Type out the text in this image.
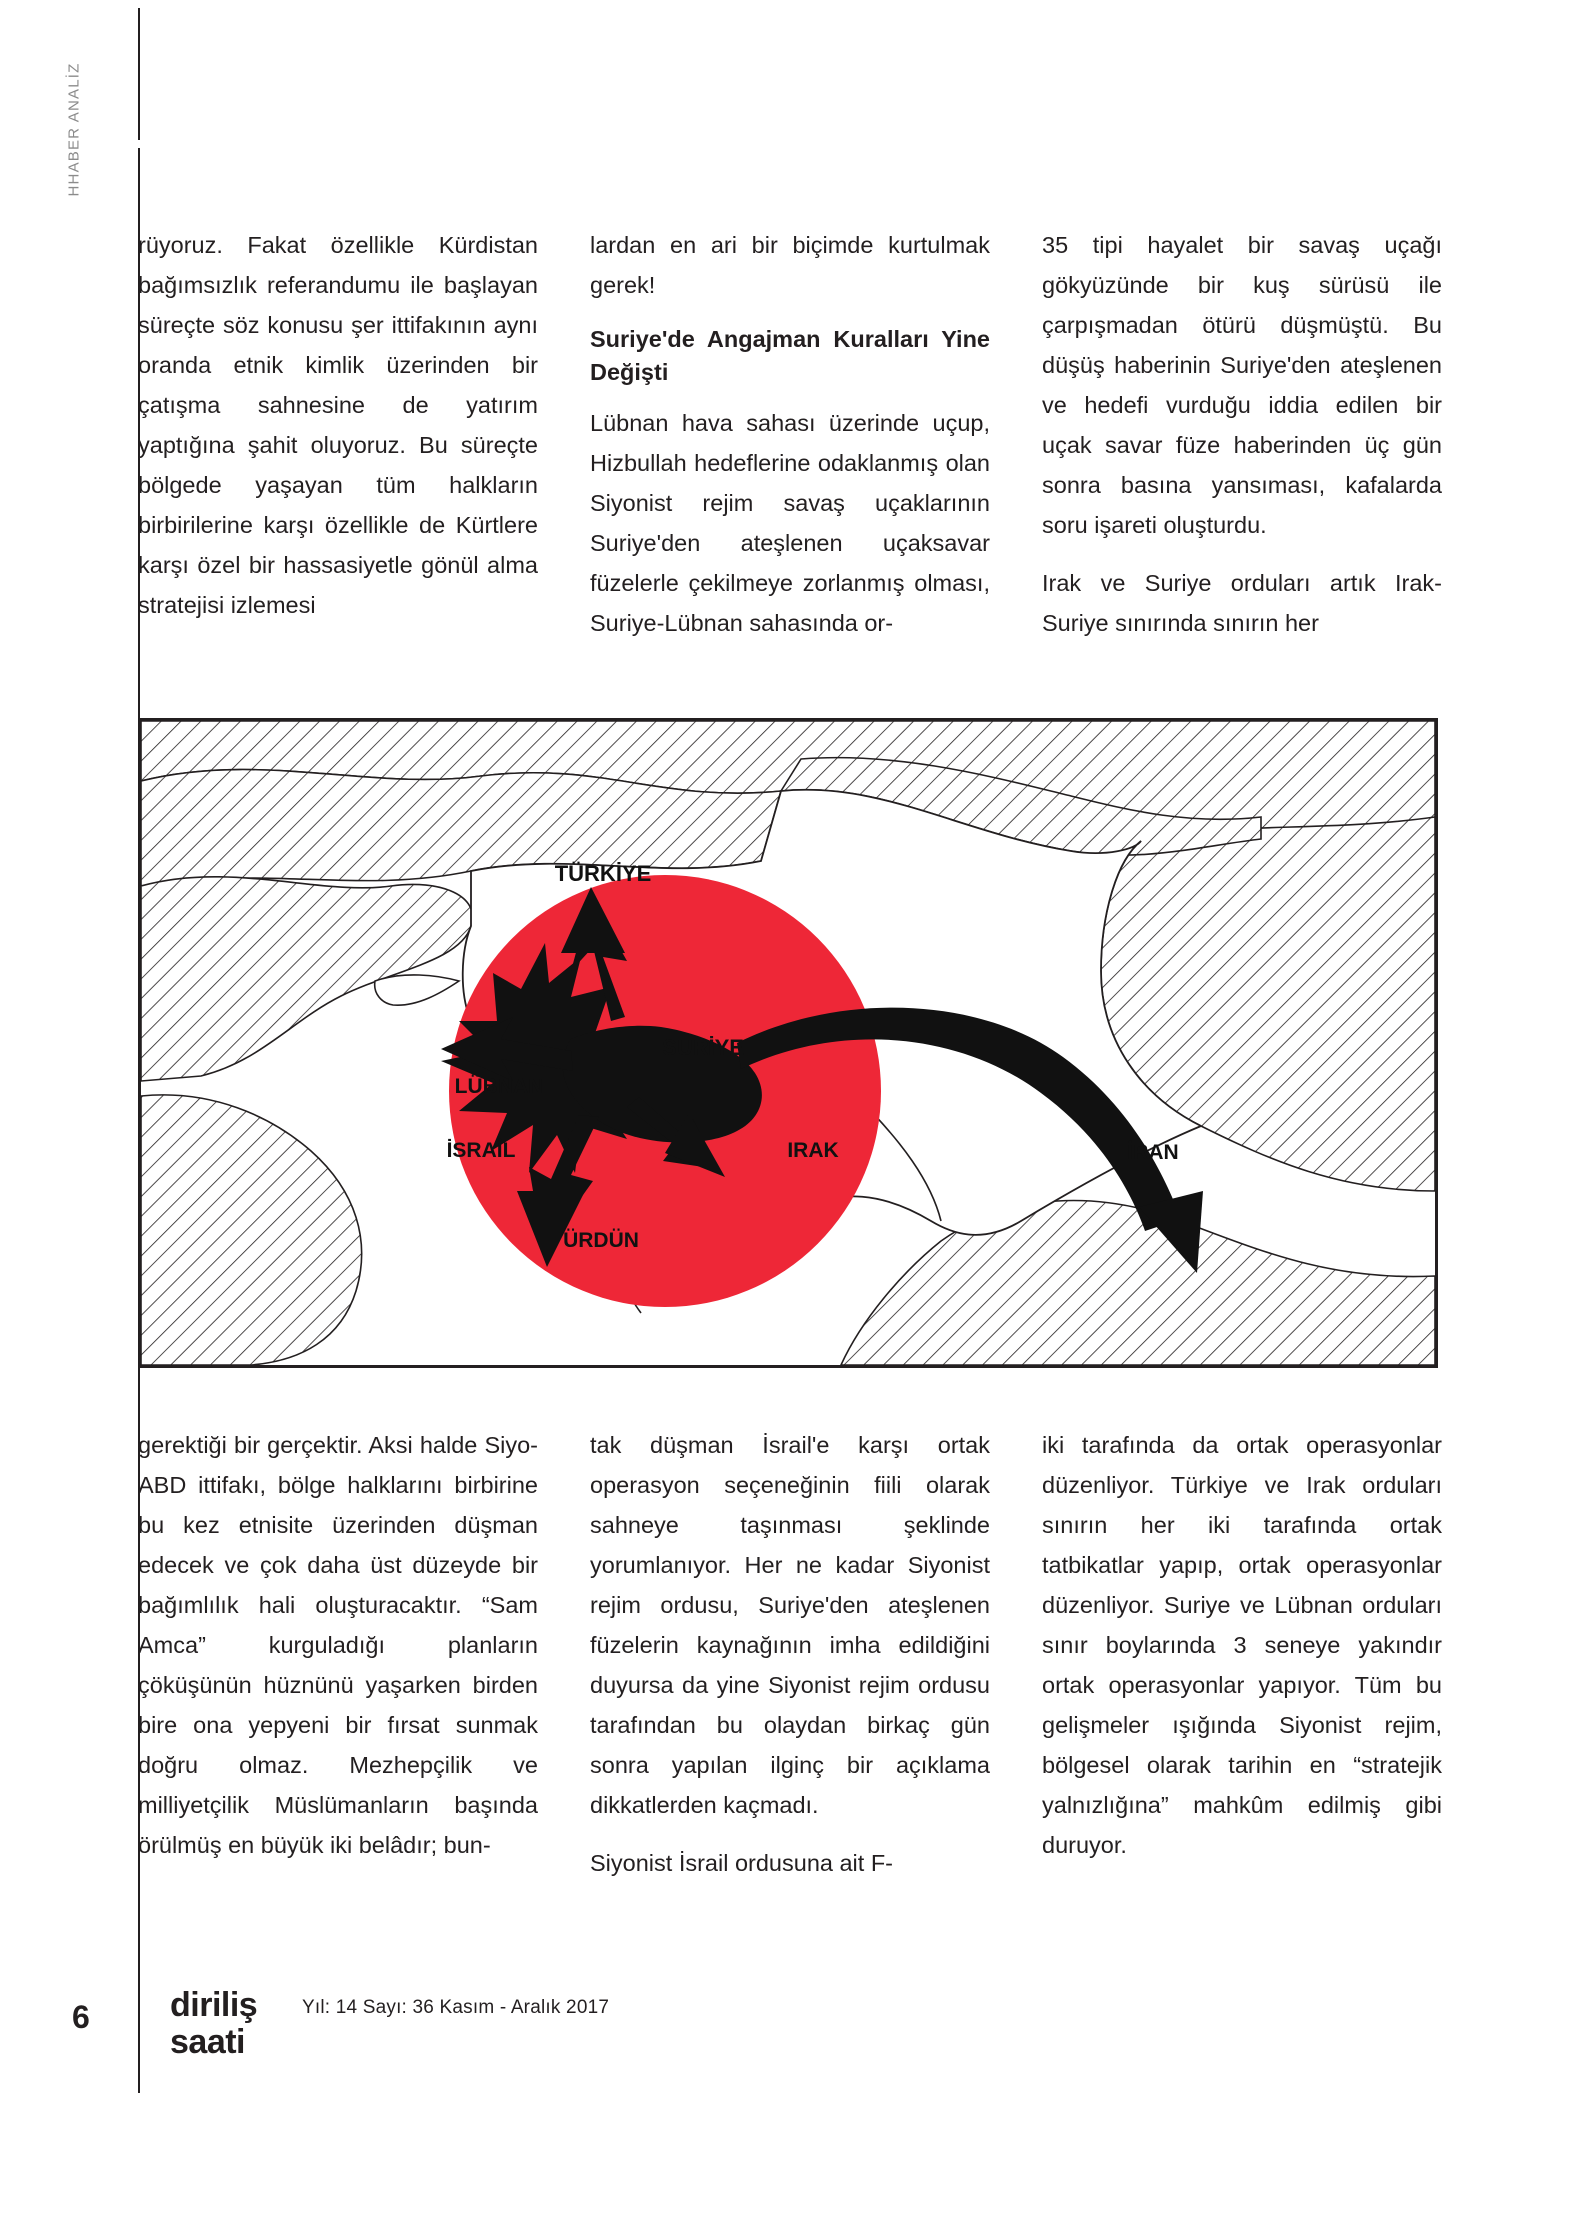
HHABER ANALİZ

rüyoruz. Fakat özellikle Kürdistan bağımsızlık referandumu ile başlayan süreçte söz konusu şer ittifakının aynı oranda etnik kimlik üzerinden bir çatışma sahnesine de yatırım yaptığına şahit oluyoruz. Bu süreçte bölgede yaşayan tüm halkların birbirilerine karşı özellikle de Kürtlere karşı özel bir hassasiyetle gönül alma stratejisi izlemesi

lardan en ari bir biçimde kurtulmak gerek!

Suriye'de Angajman Kuralları Yine Değişti

Lübnan hava sahası üzerinde uçup, Hizbullah hedeflerine odaklanmış olan Siyonist rejim savaş uçaklarının Suriye'den ateşlenen uçaksavar füzelerle çekilmeye zorlanmış olması, Suriye-Lübnan sahasında or-

35 tipi hayalet bir savaş uçağı gökyüzünde bir kuş sürüsü ile çarpışmadan ötürü düşmüştü. Bu düşüş haberinin Suriye'den ateşlenen ve hedefi vurduğu iddia edilen bir uçak savar füze haberinden üç gün sonra basına yansıması, kafalarda soru işareti oluşturdu.

Irak ve Suriye orduları artık Irak-Suriye sınırında sınırın her

TÜRKİYE
SURİYE
LÜBNAN
İSRAİL
ÜRDÜN
IRAK	İRAN

gerektiği bir gerçektir. Aksi halde Siyo-ABD ittifakı, bölge halklarını birbirine bu kez etnisite üzerinden düşman edecek ve çok daha üst düzeyde bir bağımlılık hali oluşturacaktır. “Sam Amca” kurguladığı planların çöküşünün hüznünü yaşarken birden bire ona yepyeni bir fırsat sunmak doğru olmaz. Mezhepçilik ve milliyetçilik Müslümanların başında örülmüş en büyük iki belâdır; bun-

tak düşman İsrail'e karşı ortak operasyon seçeneğinin fiili olarak sahneye taşınması şeklinde yorumlanıyor. Her ne kadar Siyonist rejim ordusu, Suriye'den ateşlenen füzelerin kaynağının imha edildiğini duyursa da yine Siyonist rejim ordusu tarafından bu olaydan birkaç gün sonra yapılan ilginç bir açıklama dikkatlerden kaçmadı.

Siyonist İsrail ordusuna ait F-

iki tarafında da ortak operasyonlar düzenliyor. Türkiye ve Irak orduları sınırın her iki tarafında ortak tatbikatlar yapıp, ortak operasyonlar düzenliyor. Suriye ve Lübnan orduları sınır boylarında 3 seneye yakındır ortak operasyonlar yapıyor. Tüm bu gelişmeler ışığında Siyonist rejim, bölgesel olarak tarihin en “stratejik yalnızlığına” mahkûm edilmiş gibi duruyor.

6 diriliş
saati
Yıl: 14 Sayı: 36 Kasım - Aralık 2017
